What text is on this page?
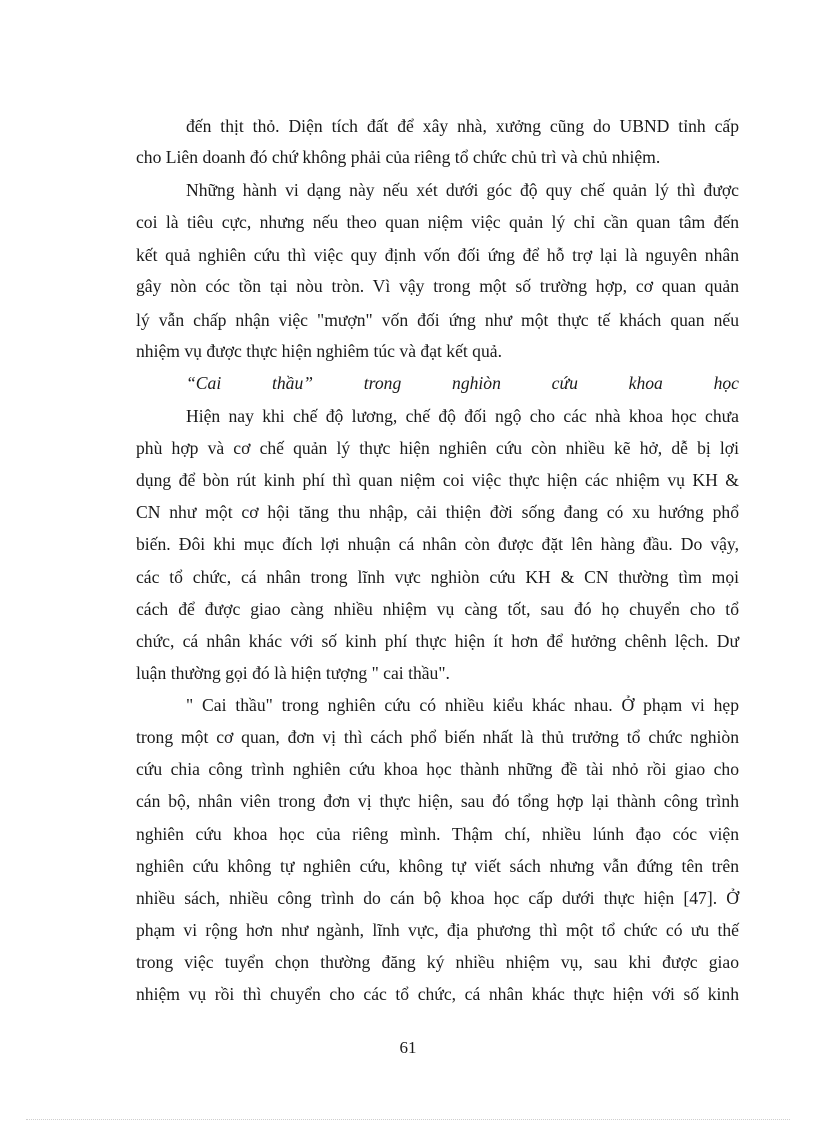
đến thịt thỏ. Diện tích đất để xây nhà, xưởng cũng do UBND tỉnh cấp
cho Liên doanh đó chứ không phải của riêng tổ chức chủ trì và chủ nhiệm.
Những hành vi dạng này nếu xét dưới góc độ quy chế quản lý thì được
coi là tiêu cực, nhưng nếu theo quan niệm việc quản lý chỉ cần quan tâm đến
kết quả nghiên cứu thì việc quy định vốn đối ứng để hỗ trợ lại là nguyên nhân
gây nòn cóc tồn tại nòu tròn. Vì vậy trong một số trường hợp, cơ quan quản
lý vẫn chấp nhận việc "mượn" vốn đối ứng như một thực tế khách quan nếu
nhiệm vụ được thực hiện nghiêm túc và đạt kết quả.
“Cai thầu” trong nghiòn cứu khoa học
Hiện nay khi chế độ lương, chế độ đối ngộ cho các nhà khoa học chưa
phù hợp và cơ chế quản lý thực hiện nghiên cứu còn nhiều kẽ hở, dễ bị lợi
dụng để bòn rút kinh phí thì quan niệm coi việc thực hiện các nhiệm vụ KH &
CN như một cơ hội tăng thu nhập, cải thiện đời sống đang có xu hướng phổ
biến. Đôi khi mục đích lợi nhuận cá nhân còn được đặt lên hàng đầu. Do vậy,
các tổ chức, cá nhân trong lĩnh vực nghiòn cứu KH & CN thường tìm mọi
cách để được giao càng nhiều nhiệm vụ càng tốt, sau đó họ chuyển cho tổ
chức, cá nhân khác với số kinh phí thực hiện ít hơn để hưởng chênh lệch. Dư
luận thường gọi đó là hiện tượng " cai thầu".
" Cai thầu" trong nghiên cứu có nhiều kiểu khác nhau. Ở phạm vi hẹp
trong một cơ quan, đơn vị thì cách phổ biến nhất là thủ trưởng tổ chức nghiòn
cứu chia công trình nghiên cứu khoa học thành những đề tài nhỏ rồi giao cho
cán bộ, nhân viên trong đơn vị thực hiện, sau đó tổng hợp lại thành công trình
nghiên cứu khoa học của riêng mình. Thậm chí, nhiều lúnh đạo cóc viện
nghiên cứu không tự nghiên cứu, không tự viết sách nhưng vẫn đứng tên trên
nhiều sách, nhiều công trình do cán bộ khoa học cấp dưới thực hiện [47]. Ở
phạm vi rộng hơn như ngành, lĩnh vực, địa phương thì một tổ chức có ưu thế
trong việc tuyển chọn thường đăng ký nhiều nhiệm vụ, sau khi được giao
nhiệm vụ rồi thì chuyển cho các tổ chức, cá nhân khác thực hiện với số kinh
61
